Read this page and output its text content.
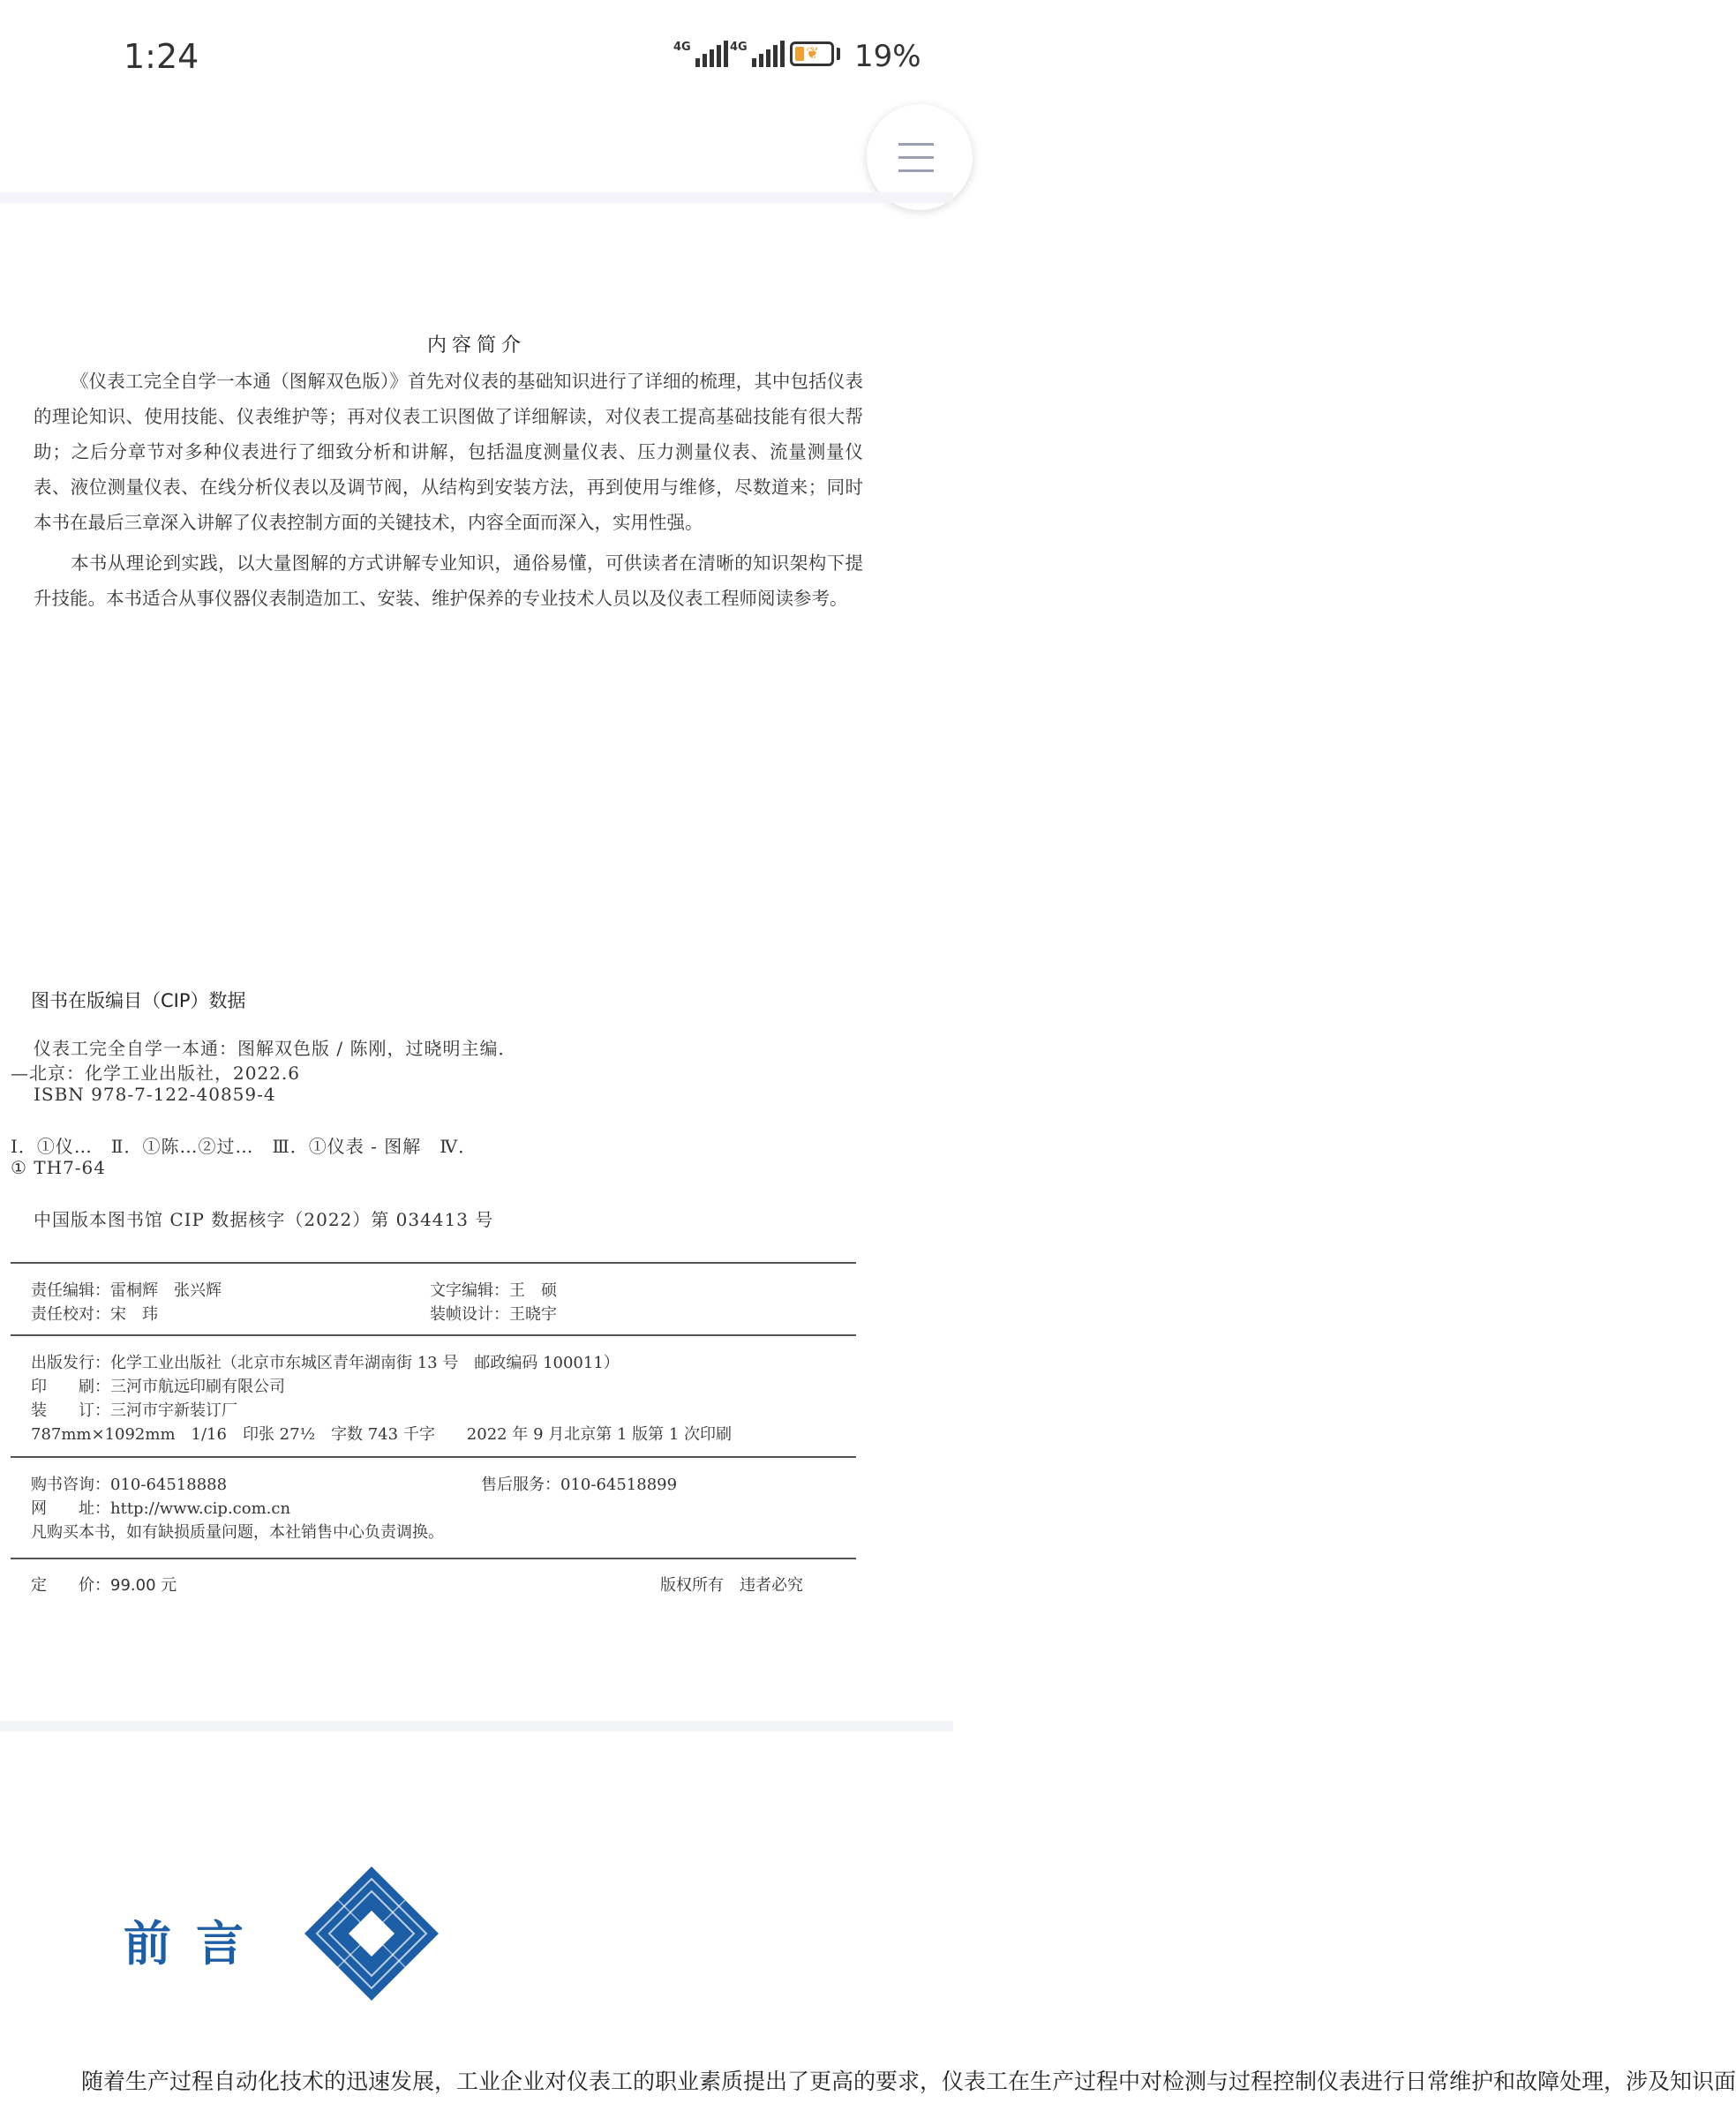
1:24	4G	4G	❦ 19%
内容简介
《仪表工完全自学一本通（图解双色版）》首先对仪表的基础知识进行了详细的梳理，其中包括仪表的理论知识、使用技能、仪表维护等；再对仪表工识图做了详细解读，对仪表工提高基础技能有很大帮助；之后分章节对多种仪表进行了细致分析和讲解，包括温度测量仪表、压力测量仪表、流量测量仪表、液位测量仪表、在线分析仪表以及调节阀，从结构到安装方法，再到使用与维修，尽数道来；同时本书在最后三章深入讲解了仪表控制方面的关键技术，内容全面而深入，实用性强。
本书从理论到实践，以大量图解的方式讲解专业知识，通俗易懂，可供读者在清晰的知识架构下提升技能。本书适合从事仪器仪表制造加工、安装、维护保养的专业技术人员以及仪表工程师阅读参考。
图书在版编目（CIP）数据
仪表工完全自学一本通：图解双色版 / 陈刚，过晓明主编．
—北京：化学工业出版社，2022.6
ISBN 978-7-122-40859-4
Ⅰ．①仪…　Ⅱ．①陈…②过…　Ⅲ．①仪表 - 图解　Ⅳ．
① TH7-64
中国版本图书馆 CIP 数据核字（2022）第 034413 号
责任编辑：雷桐辉　张兴辉	文字编辑：王　硕
责任校对：宋　玮	装帧设计：王晓宇
出版发行：化学工业出版社（北京市东城区青年湖南街 13 号　邮政编码 100011）
印　　刷：三河市航远印刷有限公司
装　　订：三河市宇新装订厂
787mm×1092mm　1/16　印张 27½　字数 743 千字　　2022 年 9 月北京第 1 版第 1 次印刷
购书咨询：010-64518888	售后服务：010-64518899
网　　址：http://www.cip.com.cn
凡购买本书，如有缺损质量问题，本社销售中心负责调换。
定　　价：99.00 元	版权所有　违者必究
前言
随着生产过程自动化技术的迅速发展，工业企业对仪表工的职业素质提出了更高的要求，仪表工在生产过程中对检测与过程控制仪表进行日常维护和故障处理，涉及知识面
